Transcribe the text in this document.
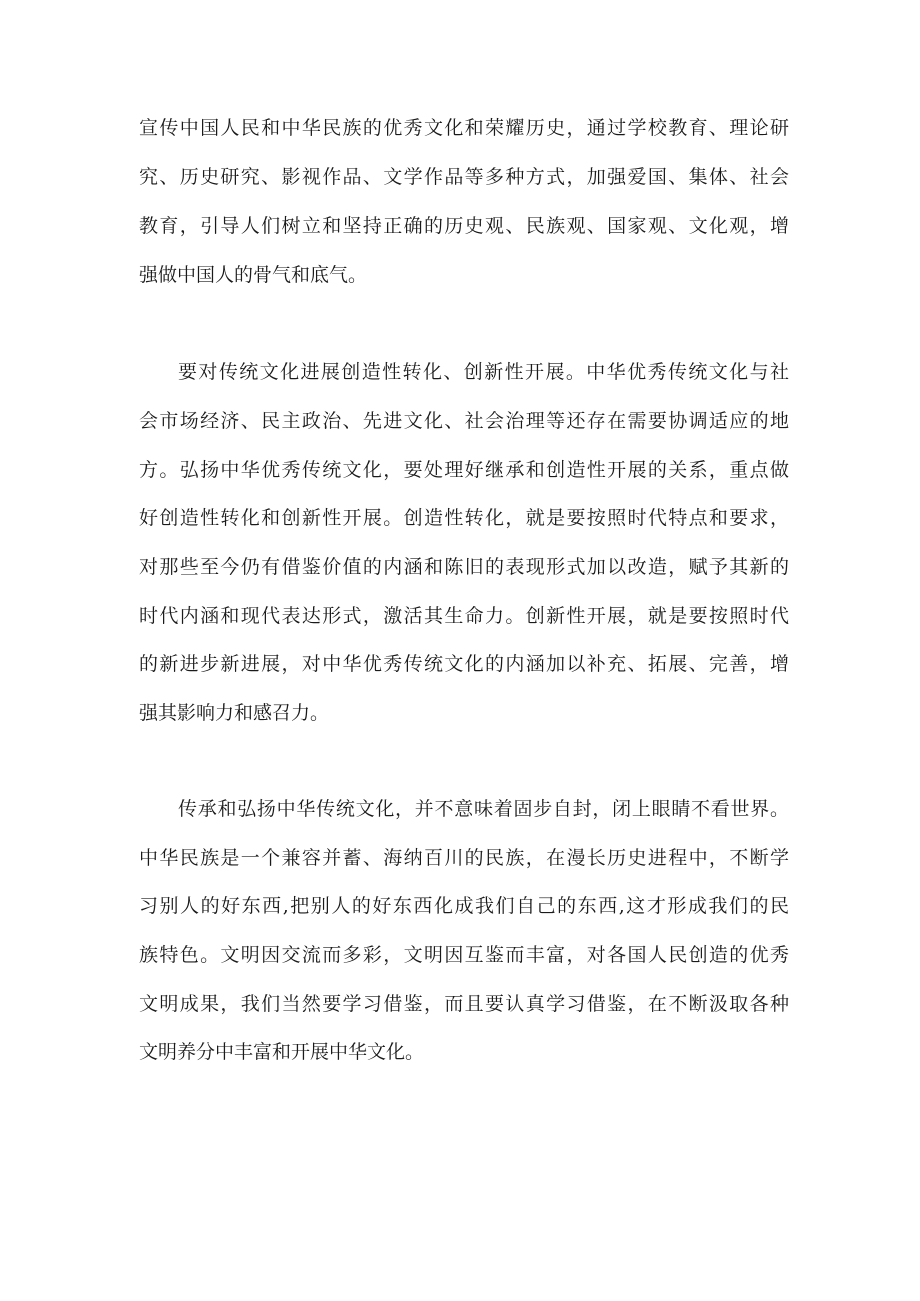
宣传中国人民和中华民族的优秀文化和荣耀历史，通过学校教育、理论研

究、历史研究、影视作品、文学作品等多种方式，加强爱国、集体、社会

教育，引导人们树立和坚持正确的历史观、民族观、国家观、文化观，增

强做中国人的骨气和底气。

要对传统文化进展创造性转化、创新性开展。中华优秀传统文化与社

会市场经济、民主政治、先进文化、社会治理等还存在需要协调适应的地

方。弘扬中华优秀传统文化，要处理好继承和创造性开展的关系，重点做

好创造性转化和创新性开展。创造性转化，就是要按照时代特点和要求，

对那些至今仍有借鉴价值的内涵和陈旧的表现形式加以改造，赋予其新的

时代内涵和现代表达形式，激活其生命力。创新性开展，就是要按照时代

的新进步新进展，对中华优秀传统文化的内涵加以补充、拓展、完善，增

强其影响力和感召力。

传承和弘扬中华传统文化，并不意味着固步自封，闭上眼睛不看世界。

中华民族是一个兼容并蓄、海纳百川的民族，在漫长历史进程中，不断学

习别人的好东西,把别人的好东西化成我们自己的东西,这才形成我们的民

族特色。文明因交流而多彩，文明因互鉴而丰富，对各国人民创造的优秀

文明成果，我们当然要学习借鉴，而且要认真学习借鉴，在不断汲取各种

文明养分中丰富和开展中华文化。
